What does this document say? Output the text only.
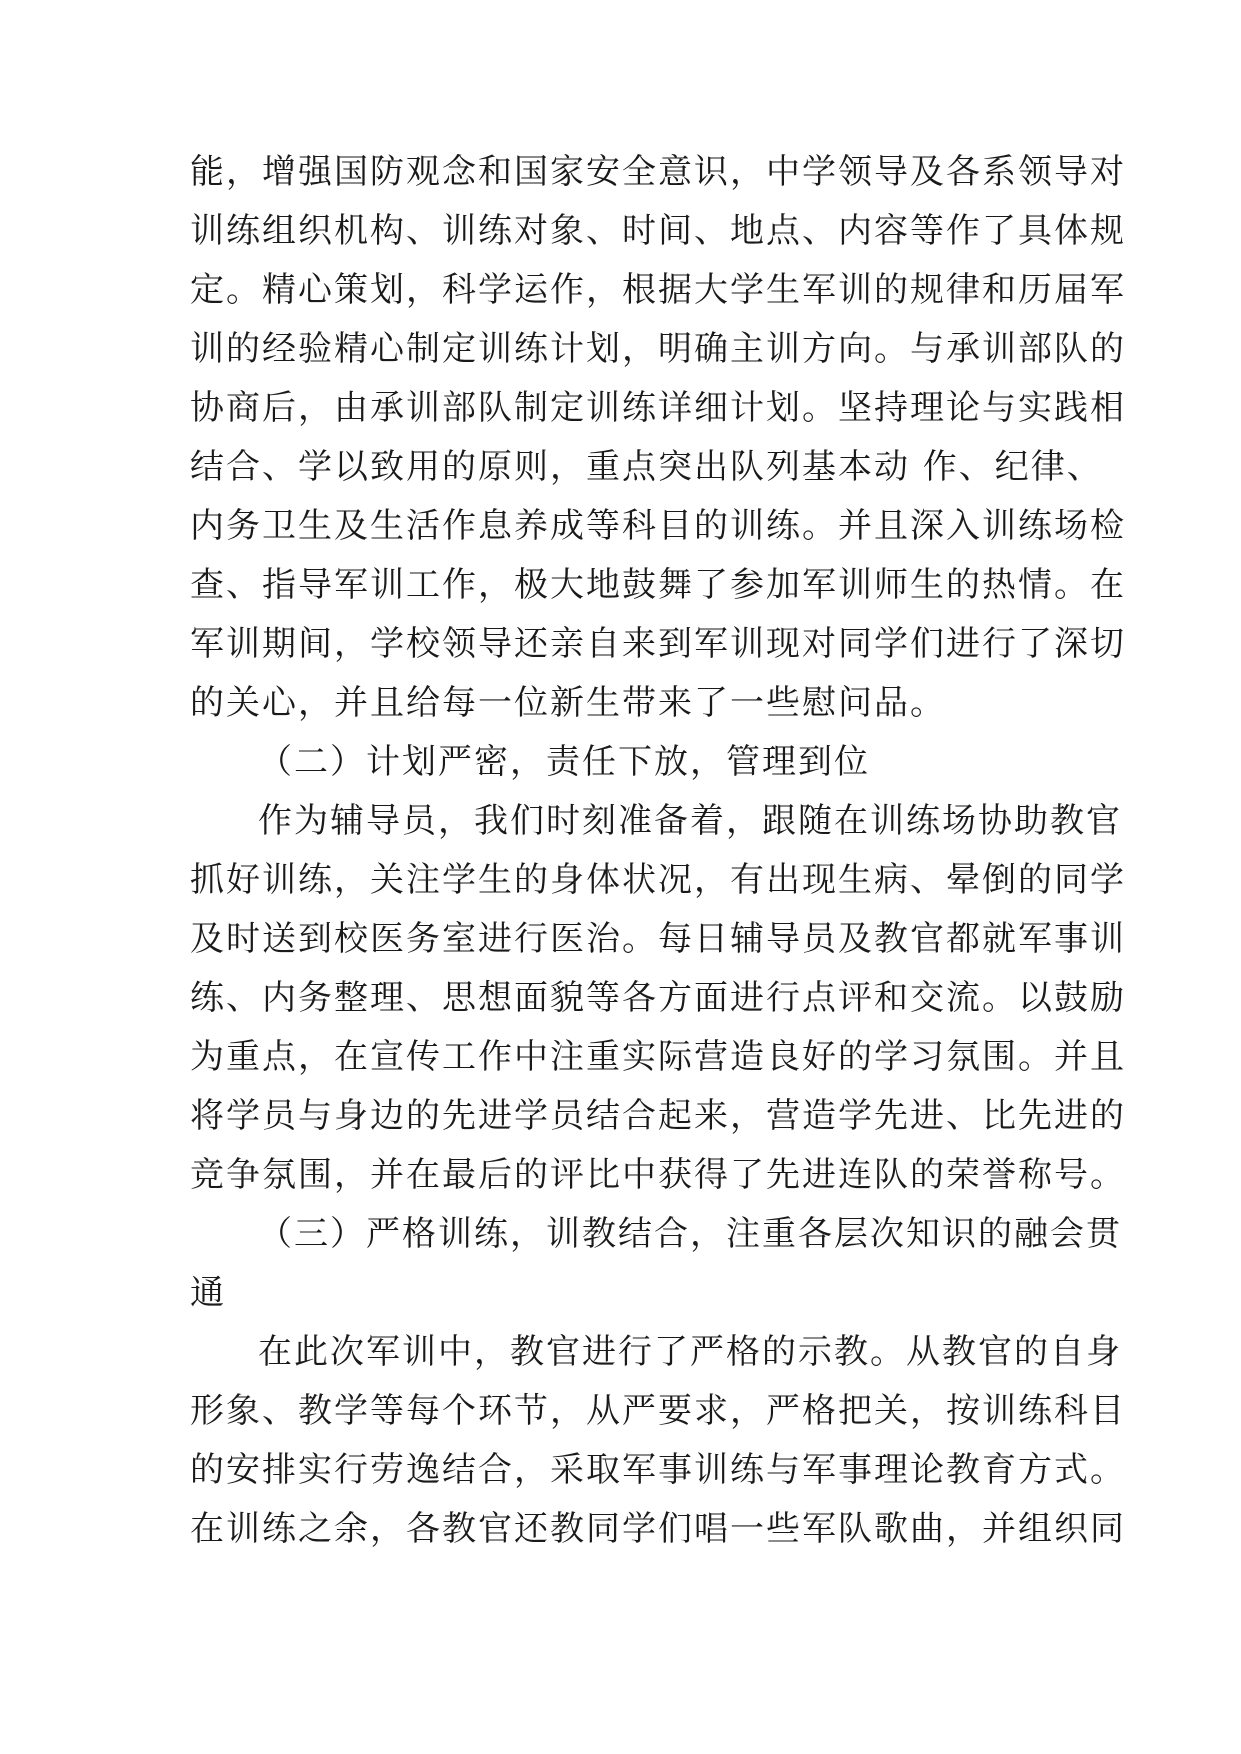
能，增强国防观念和国家安全意识，中学领导及各系领导对
训练组织机构、训练对象、时间、地点、内容等作了具体规
定。精心策划，科学运作，根据大学生军训的规律和历届军
训的经验精心制定训练计划，明确主训方向。与承训部队的
协商后，由承训部队制定训练详细计划。坚持理论与实践相
结合、学以致用的原则，重点突出队列基本动 作、纪律、
内务卫生及生活作息养成等科目的训练。并且深入训练场检
查、指导军训工作，极大地鼓舞了参加军训师生的热情。在
军训期间，学校领导还亲自来到军训现对同学们进行了深切
的关心，并且给每一位新生带来了一些慰问品。
（二）计划严密，责任下放，管理到位
作为辅导员，我们时刻准备着，跟随在训练场协助教官
抓好训练，关注学生的身体状况，有出现生病、晕倒的同学
及时送到校医务室进行医治。每日辅导员及教官都就军事训
练、内务整理、思想面貌等各方面进行点评和交流。以鼓励
为重点，在宣传工作中注重实际营造良好的学习氛围。并且
将学员与身边的先进学员结合起来，营造学先进、比先进的
竞争氛围，并在最后的评比中获得了先进连队的荣誉称号。
（三）严格训练，训教结合，注重各层次知识的融会贯
通
在此次军训中，教官进行了严格的示教。从教官的自身
形象、教学等每个环节，从严要求，严格把关，按训练科目
的安排实行劳逸结合，采取军事训练与军事理论教育方式。
在训练之余，各教官还教同学们唱一些军队歌曲，并组织同
